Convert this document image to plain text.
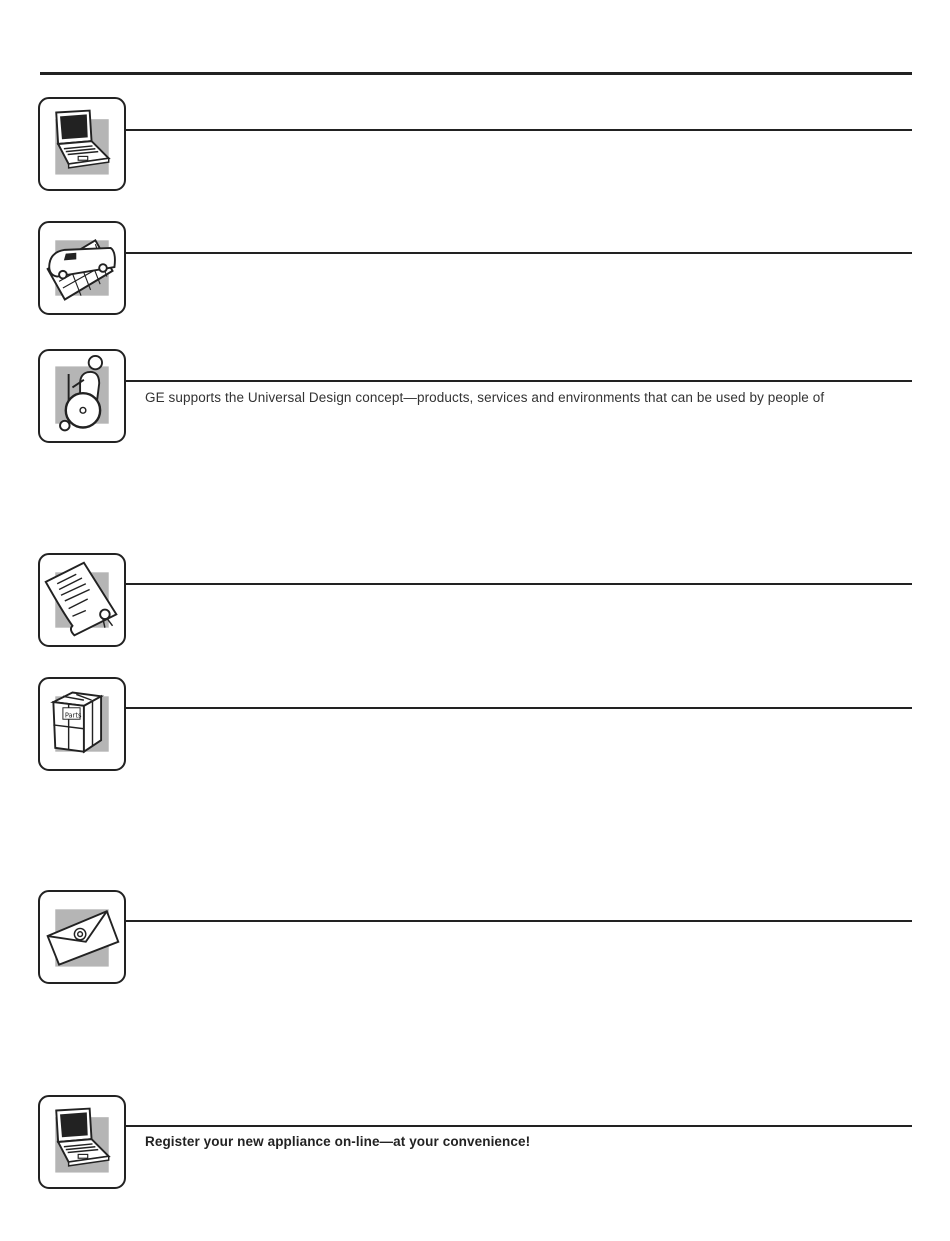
GE supports the Universal Design concept—products, services and environments that can be used by people of
Parts
Register your new appliance on-line—at your convenience!
